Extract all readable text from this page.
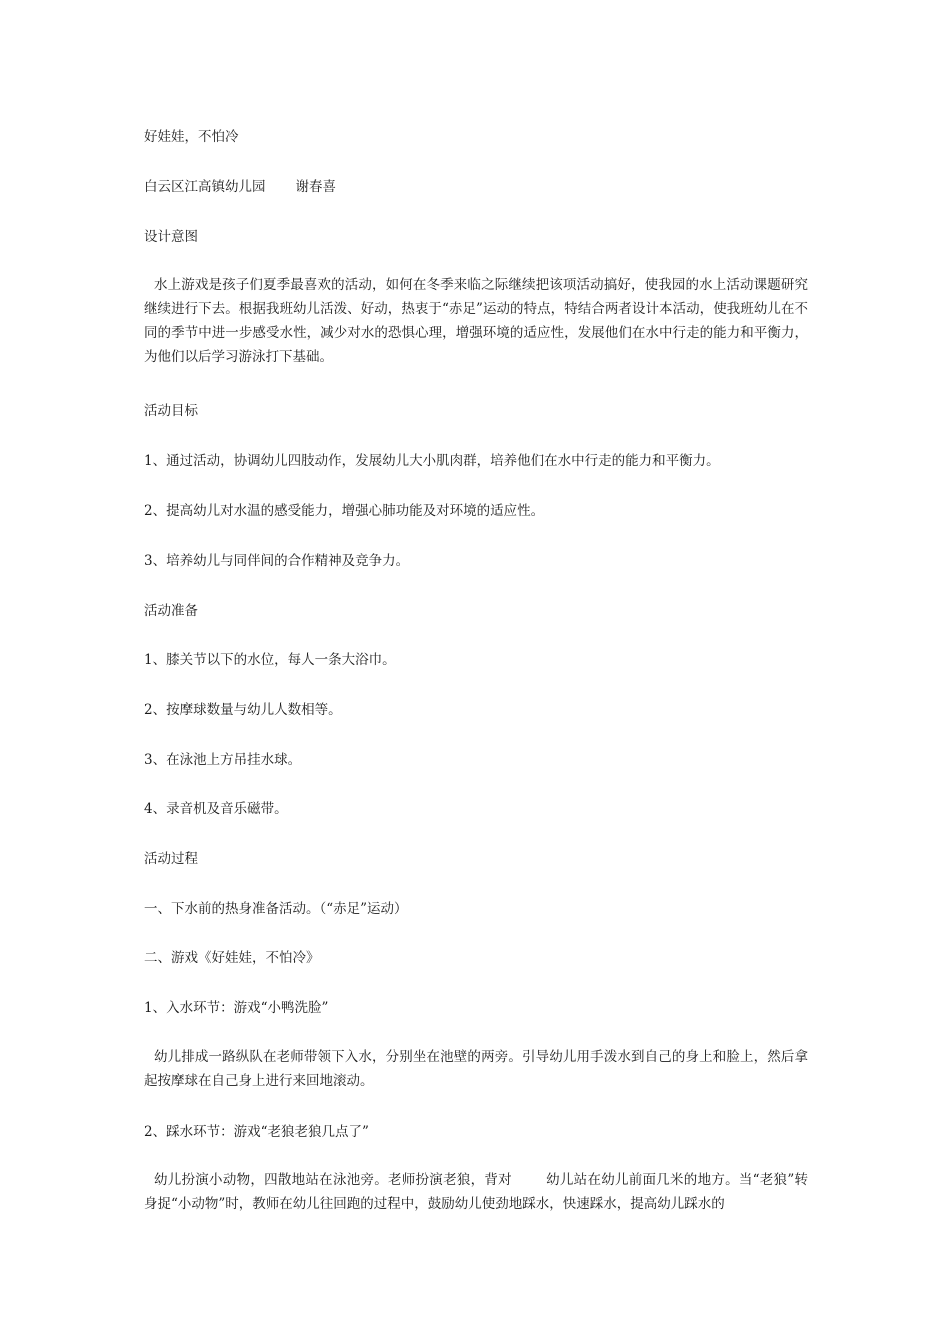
好娃娃，不怕冷

白云区江高镇幼儿园 谢春喜

设计意图

水上游戏是孩子们夏季最喜欢的活动，如何在冬季来临之际继续把该项活动搞好，使我园的水上活动课题研究继续进行下去。根据我班幼儿活泼、好动，热衷于“赤足”运动的特点，特结合两者设计本活动，使我班幼儿在不同的季节中进一步感受水性，减少对水的恐惧心理，增强环境的适应性，发展他们在水中行走的能力和平衡力，为他们以后学习游泳打下基础。

活动目标

1、通过活动，协调幼儿四肢动作，发展幼儿大小肌肉群，培养他们在水中行走的能力和平衡力。

2、提高幼儿对水温的感受能力，增强心肺功能及对环境的适应性。

3、培养幼儿与同伴间的合作精神及竞争力。

活动准备

1、膝关节以下的水位，每人一条大浴巾。

2、按摩球数量与幼儿人数相等。

3、在泳池上方吊挂水球。

4、录音机及音乐磁带。

活动过程

一、下水前的热身准备活动。（“赤足”运动）

二、游戏《好娃娃，不怕冷》

1、入水环节：游戏“小鸭洗脸”

幼儿排成一路纵队在老师带领下入水，分别坐在池壁的两旁。引导幼儿用手泼水到自己的身上和脸上，然后拿起按摩球在自己身上进行来回地滚动。

2、踩水环节：游戏“老狼老狼几点了”

幼儿扮演小动物，四散地站在泳池旁。老师扮演老狼，背对	幼儿站在幼儿前面几米的地方。当“老狼”转身捉“小动物”时，教师在幼儿往回跑的过程中，鼓励幼儿使劲地踩水，快速踩水，提高幼儿踩水的
